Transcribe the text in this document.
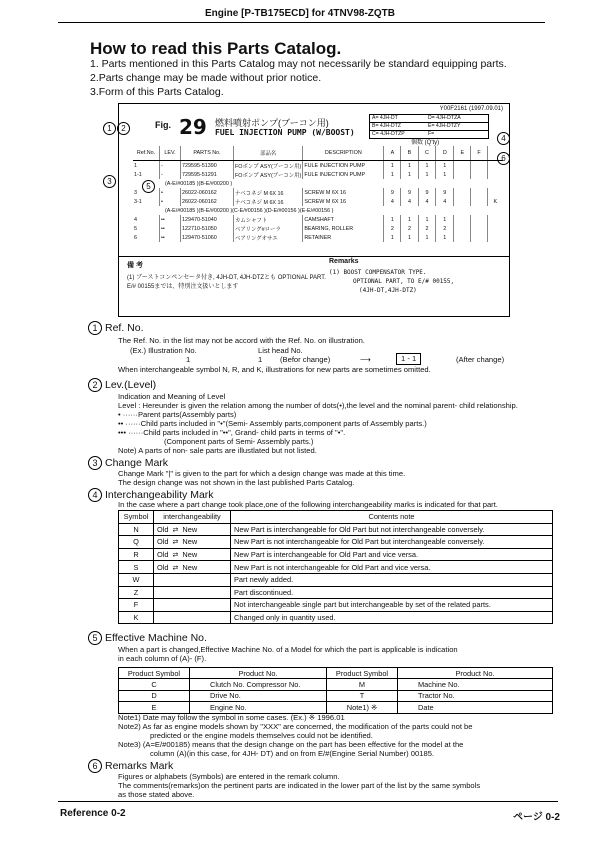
Engine [P-TB175ECD] for 4TNV98-ZQTB
How to read this Parts Catalog.
1. Parts mentioned in this Parts Catalog may not necessarily be standard equipping parts.
2.Parts change may be made without prior notice.
3.Form of this Parts Catalog.
Y00F2161 (1997.09.01)
Fig. 29 燃料噴射ポンプ(ブーコン用)
FUEL INJECTION PUMP (W/BOOST)
A= 4JH-DT	D= 4JH-DTZA
B= 4JH-DTZ	E= 4JH-DTZY
C= 4JH-DTZP	F=
Ref.No.	LEV.	PARTS No.	部品名	DESCRIPTION	A	B	C	D	E	F	
1	-	729595-51390	FOボンプ ASY(ブーコン用)	FULE INJECTION PUMP	1	1	1	1			
1-1	-	729595-51291	FOボンプ ASY(ブーコン用)	FULE INJECTION PUMP	1	1	1	1			
(A-E/#00185 )(B-E/#00200 )											
3	•	26022-060162	ナベコネジ M 6X 16	SCREW M 6X 16	9	9	9	9			
3-1	•	26022-060162	ナベコネジ M 6X 16	SCREW M 6X 16	4	4	4	4			K
(A-E/#00185 )(B-E/#00200 )(C-E/#00156 )(D-E/#00156 )(E-E/#00156 )											
4	••	129470-51040	カムシャフト	CAMSHAFT	1	1	1	1			
5	••	122710-51050	ベアリング#ローラ	BEARING, ROLLER	2	2	2	2			
6	••	129470-51060	ベアリングオサエ	RETAINER	1	1	1	1			
個数 (Q'ty)
備 考
(1) ブーストコンペンセータ付き, 4JH-DT, 4JH-DTZとも OPTIONAL PART. E/# 00155までは、特別注文扱いとします
Remarks
(1) BOOST COMPENSATOR TYPE.
OPTIONAL PART, TO E/# 00155,
(4JH-DT,4JH-DTZ)
1	2
3
4
5
6
1 Ref. No.
The Ref. No. in the list may not be accord with the Ref. No. on illustration.
(Ex.) Illustration No.	List head No.
1	1 (Befor change)	⟶	1 - 1	(After change)
When interchangeable symbol N, R, and K, illustrations for new parts are sometimes omitted.
2 Lev.(Level)
Indication and Meaning of Level
Level : Hereunder is given the relation among the number of dots(•),the level and the nominal parent- child relationship.
• ······Parent parts(Assembly parts)
•• ······Child parts included in "•"(Semi- Assembly parts,component parts of Assembly parts.)
••• ······Child parts included in "••", Grand- child parts in terms of "•".
(Component parts of Semi- Assembly parts.)
Note) A parts of non- sale parts are illustlated but not listed.
3 Change Mark
Change Mark "|" is given to the part for which a design change was made at this time.
The design change was not shown in the last published Parts Catalog.
4 Interchangeability Mark
In the case where a part change took place,one of the following interchangeability marks is indicated for that part.
Symbol	interchangeability	Contents note
N	Old ⇄ New	New Part is interchangeable for Old Part but not interchangeable conversely.
Q	Old ⇄ New	New Part is not interchangeable for Old Part but interchangeable conversely.
R	Old ⇄ New	New Part is interchangeable for Old Part and vice versa.
S	Old ⇄ New	New Part is not interchangeable for Old Part and vice versa.
W		Part newly added.
Z		Part discontinued.
F		Not interchangeable single part but interchangeable by set of the related parts.
K		Changed only in quantity used.
5 Effective Machine No.
When a part is changed,Effective Machine No. of a Model for which the part is applicable is indication
in each column of (A)- (F).
Product Symbol	Product No.	Product Symbol	Product No.
C	Clutch No. Compressor No.	M	Machine No.
D	Drive No.	T	Tractor No.
E	Engine No.	Note1) ※	Date
Note1) Date may follow the symbol in some cases. (Ex.) ※ 1996.01
Note2) As far as engine models shown by "XXX" are concerned, the modification of the parts could not be
predicted or the engine models themselves could not be identified.
Note3) (A=E/#00185) means that the design change on the part has been effective for the model at the
column (A)(in this case, for 4JH- DT) and on from E/#(Engine Serial Number) 00185.
6 Remarks Mark
Figures or alphabets (Symbols) are entered in the remark column.
The comments(remarks)on the pertinent parts are indicated in the lower part of the list by the same symbols
as those stated above.
Reference 0-2	ページ 0-2
